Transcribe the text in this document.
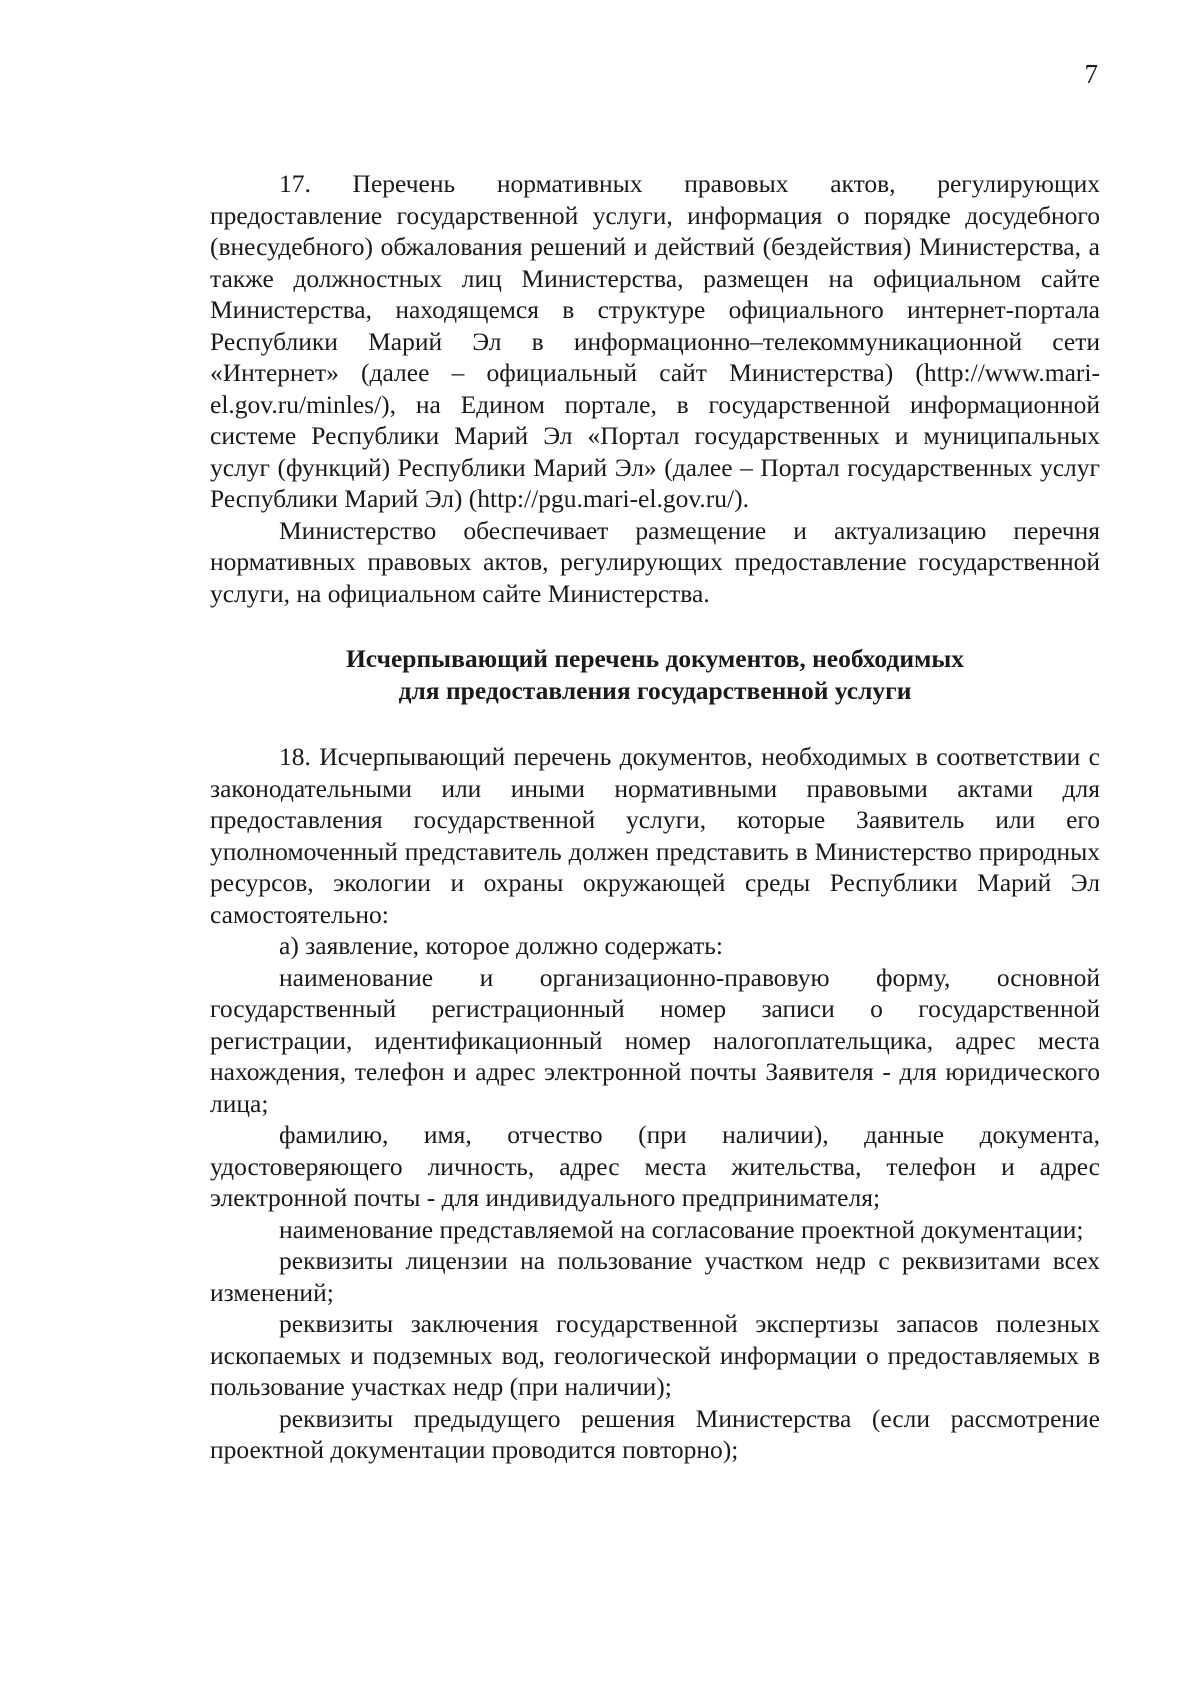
7

17. Перечень нормативных правовых актов, регулирующих предоставление государственной услуги, информация о порядке досудебного (внесудебного) обжалования решений и действий (бездействия) Министерства, а также должностных лиц Министерства, размещен на официальном сайте Министерства, находящемся в структуре официального интернет-портала Республики Марий Эл в информационно–телекоммуникационной сети «Интернет» (далее – официальный сайт Министерства) (http://www.mari-el.gov.ru/minles/), на Едином портале, в государственной информационной системе Республики Марий Эл «Портал государственных и муниципальных услуг (функций) Республики Марий Эл» (далее – Портал государственных услуг Республики Марий Эл) (http://pgu.mari-el.gov.ru/).

Министерство обеспечивает размещение и актуализацию перечня нормативных правовых актов, регулирующих предоставление государственной услуги, на официальном сайте Министерства.

Исчерпывающий перечень документов, необходимых
для предоставления государственной услуги

18. Исчерпывающий перечень документов, необходимых в соответствии с законодательными или иными нормативными правовыми актами для предоставления государственной услуги, которые Заявитель или его уполномоченный представитель должен представить в Министерство природных ресурсов, экологии и охраны окружающей среды Республики Марий Эл самостоятельно:

а) заявление, которое должно содержать:

наименование и организационно-правовую форму, основной государственный регистрационный номер записи о государственной регистрации, идентификационный номер налогоплательщика, адрес места нахождения, телефон и адрес электронной почты Заявителя - для юридического лица;

фамилию, имя, отчество (при наличии), данные документа, удостоверяющего личность, адрес места жительства, телефон и адрес электронной почты - для индивидуального предпринимателя;

наименование представляемой на согласование проектной документации;

реквизиты лицензии на пользование участком недр с реквизитами всех изменений;

реквизиты заключения государственной экспертизы запасов полезных ископаемых и подземных вод, геологической информации о предоставляемых в пользование участках недр (при наличии);

реквизиты предыдущего решения Министерства (если рассмотрение проектной документации проводится повторно);
